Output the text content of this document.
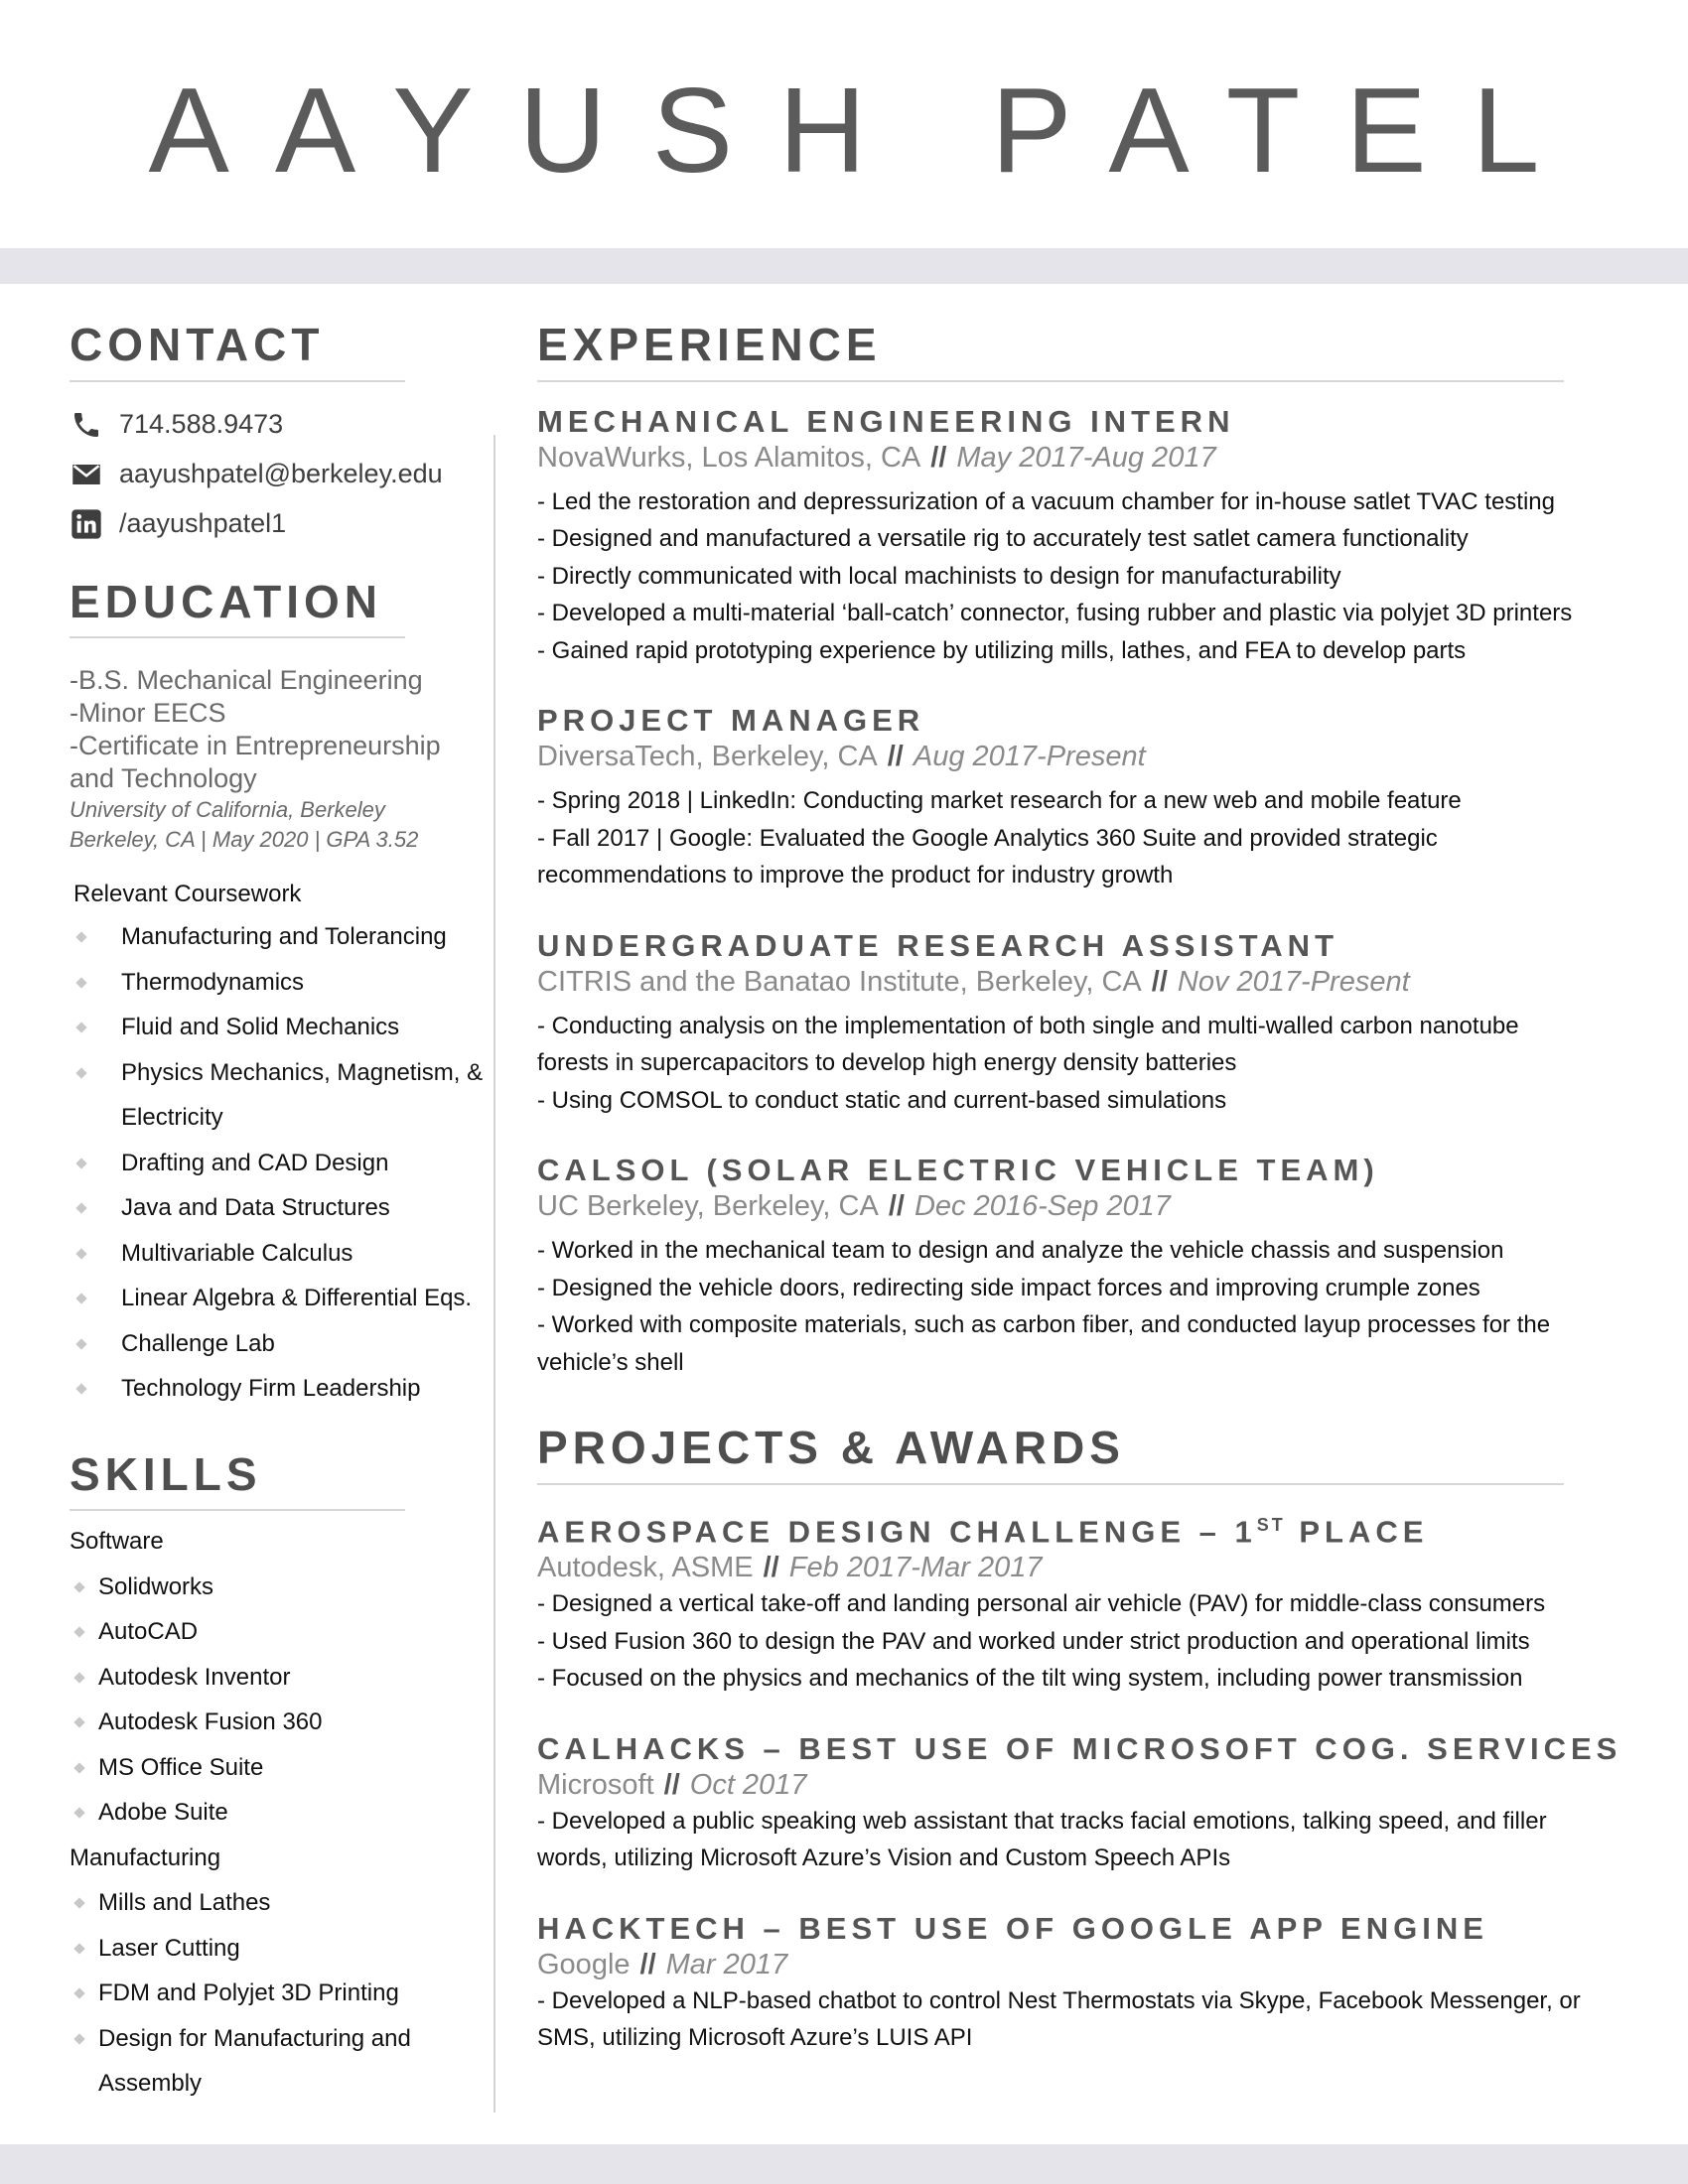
AAYUSH PATEL
CONTACT
714.588.9473
aayushpatel@berkeley.edu
/aayushpatel1
EDUCATION
-B.S. Mechanical Engineering
-Minor EECS
-Certificate in Entrepreneurship
and Technology
University of California, Berkeley
Berkeley, CA | May 2020 | GPA 3.52
Relevant Coursework
Manufacturing and Tolerancing
Thermodynamics
Fluid and Solid Mechanics
Physics Mechanics, Magnetism, &
Electricity
Drafting and CAD Design
Java and Data Structures
Multivariable Calculus
Linear Algebra & Differential Eqs.
Challenge Lab
Technology Firm Leadership
SKILLS
Software
Solidworks
AutoCAD
Autodesk Inventor
Autodesk Fusion 360
MS Office Suite
Adobe Suite
Manufacturing
Mills and Lathes
Laser Cutting
FDM and Polyjet 3D Printing
Design for Manufacturing and
Assembly
EXPERIENCE
MECHANICAL ENGINEERING INTERN
NovaWurks, Los Alamitos, CA // May 2017-Aug 2017
- Led the restoration and depressurization of a vacuum chamber for in-house satlet TVAC testing
- Designed and manufactured a versatile rig to accurately test satlet camera functionality
- Directly communicated with local machinists to design for manufacturability
- Developed a multi-material ‘ball-catch’ connector, fusing rubber and plastic via polyjet 3D printers
- Gained rapid prototyping experience by utilizing mills, lathes, and FEA to develop parts
PROJECT MANAGER
DiversaTech, Berkeley, CA // Aug 2017-Present
- Spring 2018 | LinkedIn: Conducting market research for a new web and mobile feature
- Fall 2017 | Google: Evaluated the Google Analytics 360 Suite and provided strategic
recommendations to improve the product for industry growth
UNDERGRADUATE RESEARCH ASSISTANT
CITRIS and the Banatao Institute, Berkeley, CA // Nov 2017-Present
- Conducting analysis on the implementation of both single and multi-walled carbon nanotube
forests in supercapacitors to develop high energy density batteries
- Using COMSOL to conduct static and current-based simulations
CALSOL (SOLAR ELECTRIC VEHICLE TEAM)
UC Berkeley, Berkeley, CA // Dec 2016-Sep 2017
- Worked in the mechanical team to design and analyze the vehicle chassis and suspension
- Designed the vehicle doors, redirecting side impact forces and improving crumple zones
- Worked with composite materials, such as carbon fiber, and conducted layup processes for the
vehicle’s shell
PROJECTS & AWARDS
AEROSPACE DESIGN CHALLENGE – 1ST PLACE
Autodesk, ASME // Feb 2017-Mar 2017
- Designed a vertical take-off and landing personal air vehicle (PAV) for middle-class consumers
- Used Fusion 360 to design the PAV and worked under strict production and operational limits
- Focused on the physics and mechanics of the tilt wing system, including power transmission
CALHACKS – BEST USE OF MICROSOFT COG. SERVICES
Microsoft // Oct 2017
- Developed a public speaking web assistant that tracks facial emotions, talking speed, and filler
words, utilizing Microsoft Azure’s Vision and Custom Speech APIs
HACKTECH – BEST USE OF GOOGLE APP ENGINE
Google // Mar 2017
- Developed a NLP-based chatbot to control Nest Thermostats via Skype, Facebook Messenger, or
SMS, utilizing Microsoft Azure’s LUIS API
